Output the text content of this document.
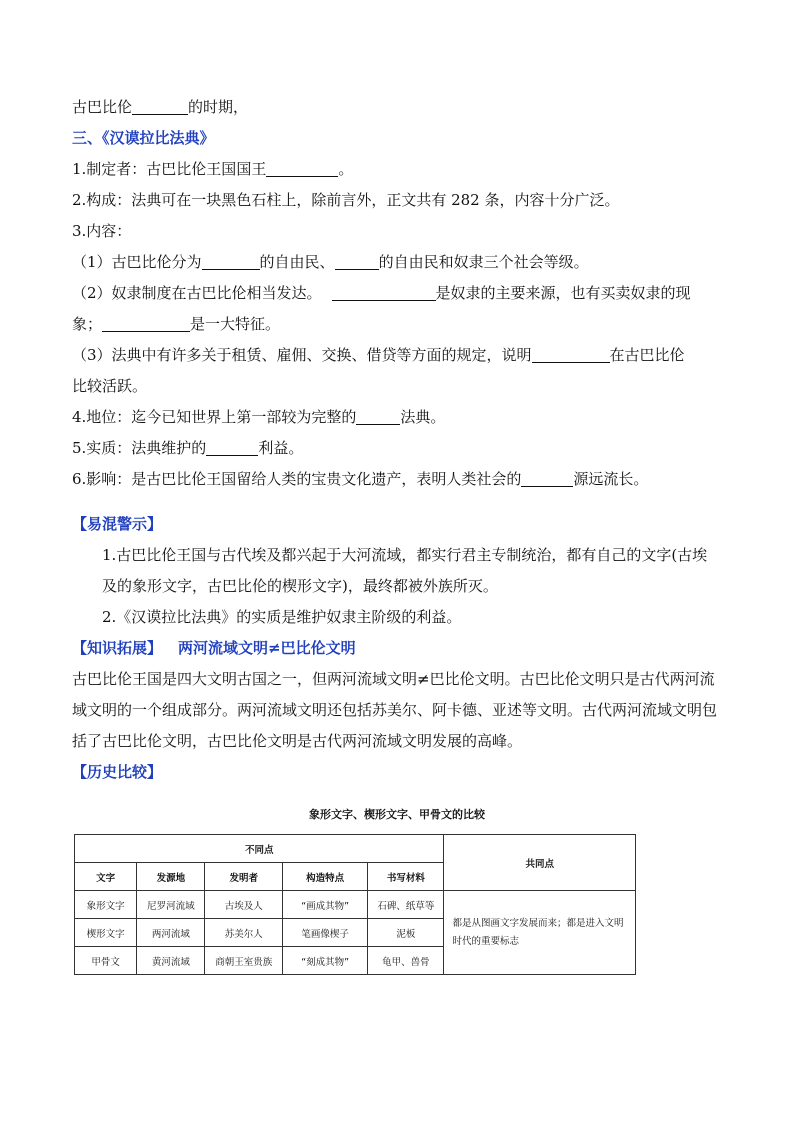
古巴比伦	的时期，
三、《汉谟拉比法典》
1.制定者：古巴比伦王国国王	。
2.构成：法典可在一块黑色石柱上，除前言外，正文共有 282 条，内容十分广泛。
3.内容：
（1）古巴比伦分为	的自由民、	的自由民和奴隶三个社会等级。
（2）奴隶制度在古巴比伦相当发达。	是奴隶的主要来源，也有买卖奴隶的现
象；	是一大特征。
（3）法典中有许多关于租赁、雇佣、交换、借贷等方面的规定，说明	在古巴比伦
比较活跃。
4.地位：迄今已知世界上第一部较为完整的	法典。
5.实质：法典维护的	利益。
6.影响：是古巴比伦王国留给人类的宝贵文化遗产，表明人类社会的	源远流长。
【易混警示】
1.古巴比伦王国与古代埃及都兴起于大河流域，都实行君主专制统治，都有自己的文字(古埃及的象形文字，古巴比伦的楔形文字)，最终都被外族所灭。
2.《汉谟拉比法典》的实质是维护奴隶主阶级的利益。
【知识拓展】 两河流域文明≠巴比伦文明
古巴比伦王国是四大文明古国之一，但两河流域文明≠巴比伦文明。古巴比伦文明只是古代两河流域文明的一个组成部分。两河流域文明还包括苏美尔、阿卡德、亚述等文明。古代两河流域文明包括了古巴比伦文明，古巴比伦文明是古代两河流域文明发展的高峰。
【历史比较】
象形文字、楔形文字、甲骨文的比较
不同点					共同点
文字	发源地	发明者	构造特点	书写材料	
象形文字	尼罗河流域	古埃及人	“画成其物”	石碑、纸草等	都是从图画文字发展而来；都是进入文明时代的重要标志
楔形文字	两河流域	苏美尔人	笔画像楔子	泥板	
甲骨文	黄河流域	商朝王室贵族	“刻成其物”	龟甲、兽骨	
